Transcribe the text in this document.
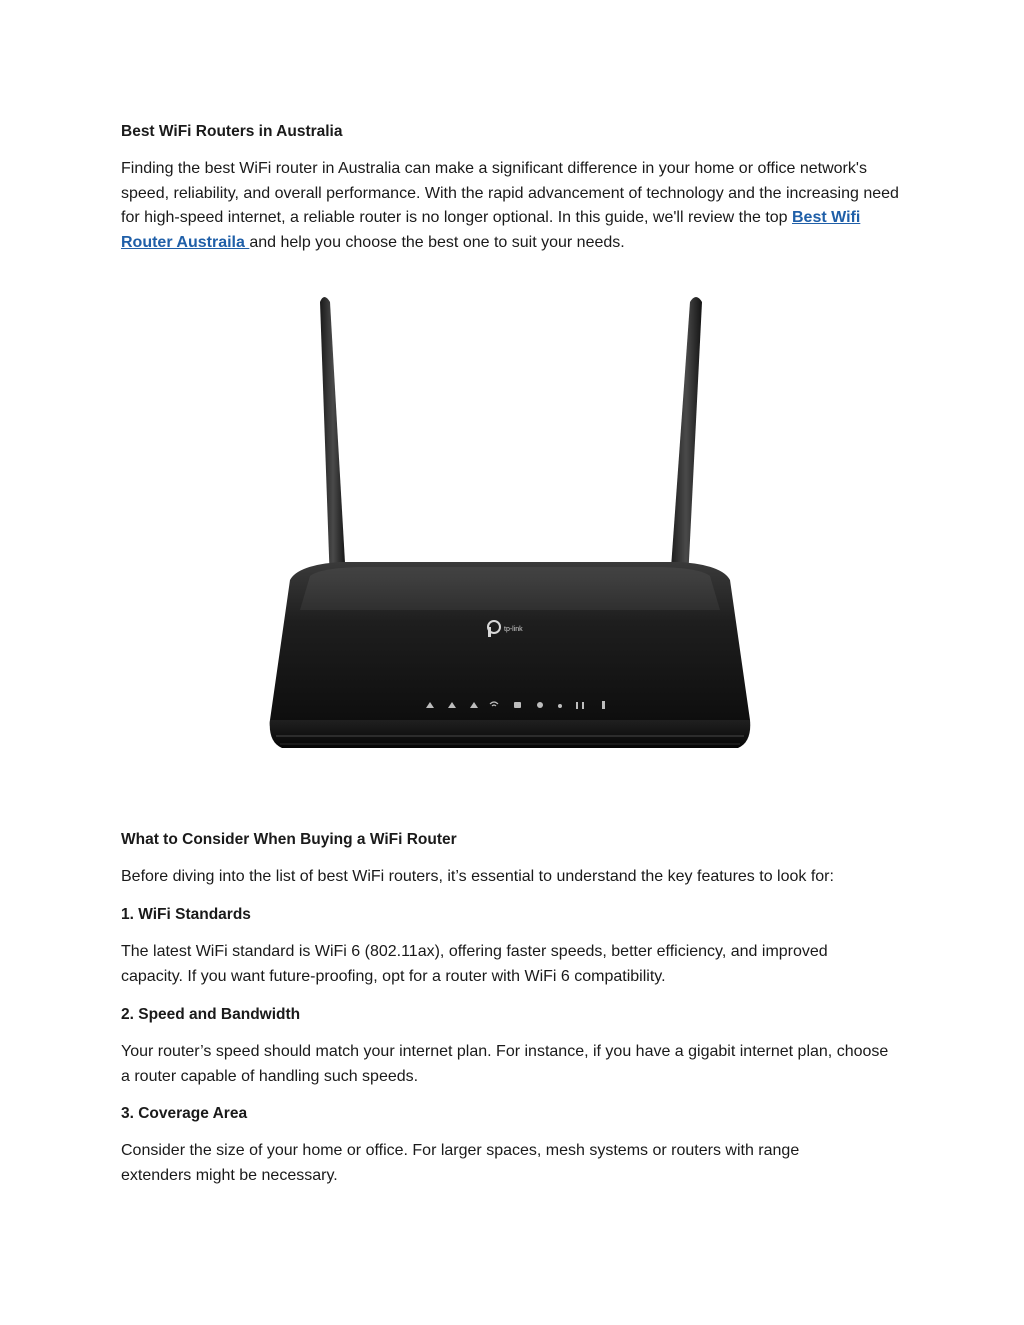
Best WiFi Routers in Australia

Finding the best WiFi router in Australia can make a significant difference in your home or office network's speed, reliability, and overall performance. With the rapid advancement of technology and the increasing need for high-speed internet, a reliable router is no longer optional. In this guide, we'll review the top Best Wifi Router Austraila and help you choose the best one to suit your needs.

tp-link
What to Consider When Buying a WiFi Router

Before diving into the list of best WiFi routers, it’s essential to understand the key features to look for:

1. WiFi Standards

The latest WiFi standard is WiFi 6 (802.11ax), offering faster speeds, better efficiency, and improved capacity. If you want future-proofing, opt for a router with WiFi 6 compatibility.

2. Speed and Bandwidth

Your router’s speed should match your internet plan. For instance, if you have a gigabit internet plan, choose a router capable of handling such speeds.

3. Coverage Area

Consider the size of your home or office. For larger spaces, mesh systems or routers with range extenders might be necessary.
